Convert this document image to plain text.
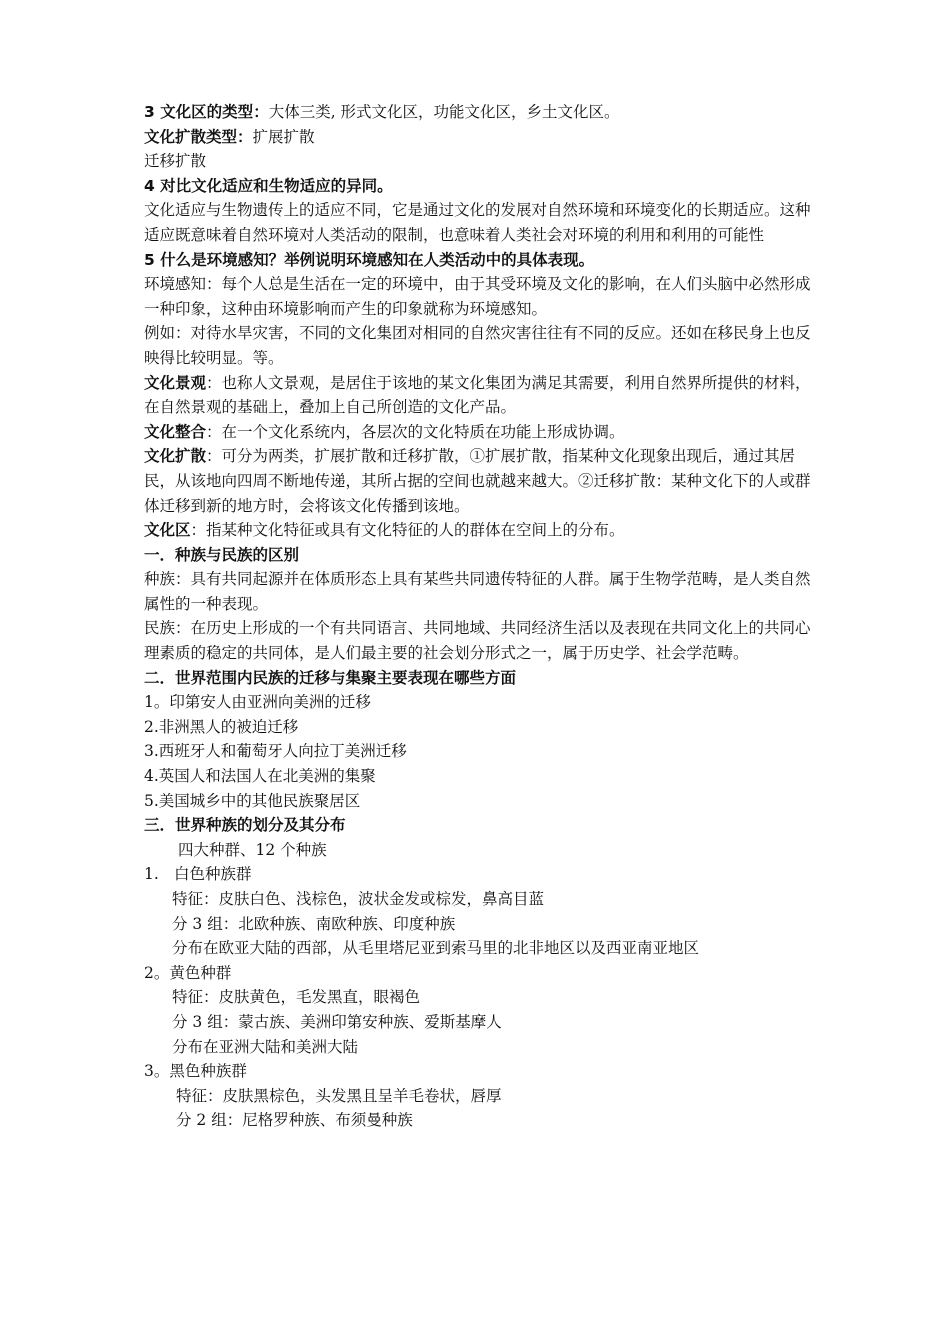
3 文化区的类型：大体三类, 形式文化区，功能文化区，乡土文化区。

文化扩散类型：扩展扩散

迁移扩散

4 对比文化适应和生物适应的异同。

文化适应与生物遗传上的适应不同，它是通过文化的发展对自然环境和环境变化的长期适应。这种适应既意味着自然环境对人类活动的限制，也意味着人类社会对环境的利用和利用的可能性

5 什么是环境感知？举例说明环境感知在人类活动中的具体表现。

环境感知：每个人总是生活在一定的环境中，由于其受环境及文化的影响，在人们头脑中必然形成一种印象，这种由环境影响而产生的印象就称为环境感知。

例如：对待水旱灾害，不同的文化集团对相同的自然灾害往往有不同的反应。还如在移民身上也反映得比较明显。等。

文化景观：也称人文景观，是居住于该地的某文化集团为满足其需要，利用自然界所提供的材料，在自然景观的基础上，叠加上自己所创造的文化产品。

文化整合：在一个文化系统内，各层次的文化特质在功能上形成协调。

文化扩散：可分为两类，扩展扩散和迁移扩散，①扩展扩散，指某种文化现象出现后，通过其居民，从该地向四周不断地传递，其所占据的空间也就越来越大。②迁移扩散：某种文化下的人或群体迁移到新的地方时，会将该文化传播到该地。

文化区：指某种文化特征或具有文化特征的人的群体在空间上的分布。

一．种族与民族的区别

种族：具有共同起源并在体质形态上具有某些共同遗传特征的人群。属于生物学范畴，是人类自然属性的一种表现。

民族：在历史上形成的一个有共同语言、共同地域、共同经济生活以及表现在共同文化上的共同心理素质的稳定的共同体，是人们最主要的社会划分形式之一，属于历史学、社会学范畴。

二．世界范围内民族的迁移与集聚主要表现在哪些方面

1。印第安人由亚洲向美洲的迁移

2.非洲黑人的被迫迁移

3.西班牙人和葡萄牙人向拉丁美洲迁移

4.英国人和法国人在北美洲的集聚

5.美国城乡中的其他民族聚居区

三．世界种族的划分及其分布

四大种群、12 个种族

1. 白色种族群

特征：皮肤白色、浅棕色，波状金发或棕发，鼻高目蓝

分 3 组：北欧种族、南欧种族、印度种族

分布在欧亚大陆的西部，从毛里塔尼亚到索马里的北非地区以及西亚南亚地区

2。黄色种群

特征：皮肤黄色，毛发黑直，眼褐色

分 3 组：蒙古族、美洲印第安种族、爱斯基摩人

分布在亚洲大陆和美洲大陆

3。黑色种族群

特征：皮肤黑棕色，头发黑且呈羊毛卷状，唇厚

分 2 组：尼格罗种族、布须曼种族
